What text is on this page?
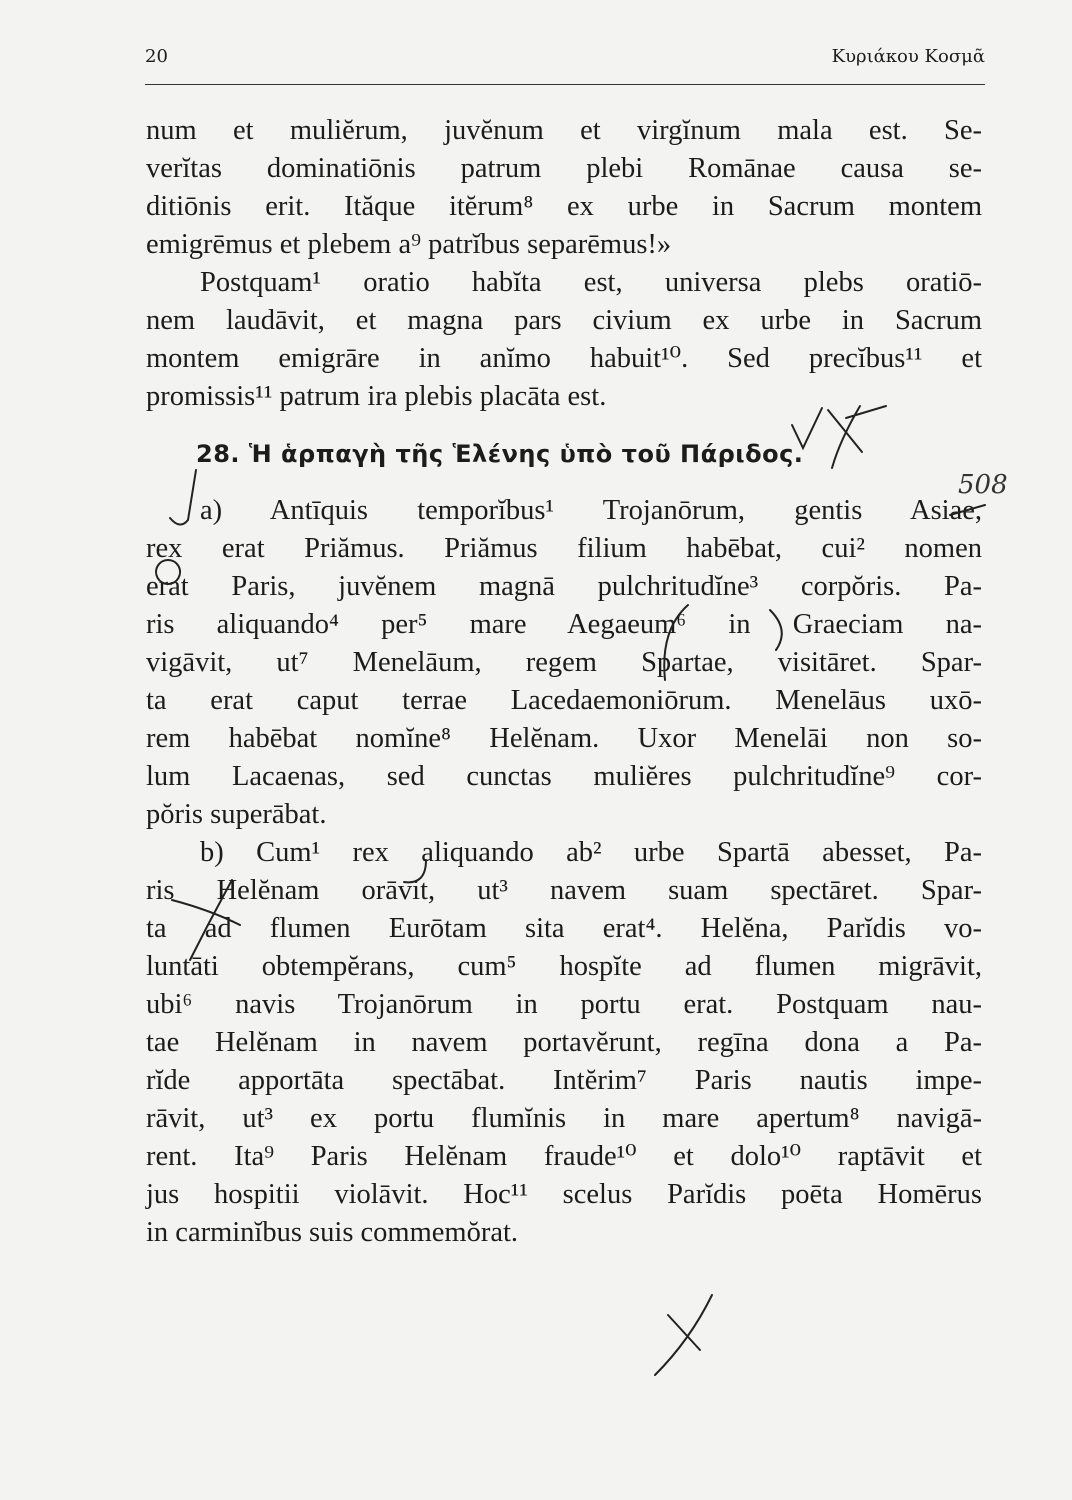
20	Κυριάκου Κοσμᾶ
num et muliĕrum, juvĕnum et virgĭnum mala est. Se-
verĭtas dominatiōnis patrum plebi Romānae causa se-
ditiōnis erit. Ităque itĕrum⁸ ex urbe in Sacrum montem
emigrēmus et plebem a⁹ patrĭbus separēmus!»
Postquam¹ oratio habĭta est, universa plebs oratiō-
nem laudāvit, et magna pars civium ex urbe in Sacrum
montem emigrāre in anĭmo habuit¹⁰. Sed precĭbus¹¹ et
promissis¹¹ patrum ira plebis placāta est.
28. Ἡ ἁρπαγὴ τῆς Ἑλένης ὑπὸ τοῦ Πάριδος.
a) Antīquis temporĭbus¹ Trojanōrum, gentis Asiae,
rex erat Priămus. Priămus filium habēbat, cui² nomen
erat Paris, juvĕnem magnā pulchritudĭne³ corpŏris. Pa-
ris aliquando⁴ per⁵ mare Aegaeum⁶ in Graeciam na-
vigāvit, ut⁷ Menelāum, regem Spartae, visitāret. Spar-
ta erat caput terrae Lacedaemoniōrum. Menelāus uxō-
rem habēbat nomĭne⁸ Helĕnam. Uxor Menelāi non so-
lum Lacaenas, sed cunctas muliĕres pulchritudĭne⁹ cor-
pŏris superābat.
b) Cum¹ rex aliquando ab² urbe Spartā abesset, Pa-
ris Helĕnam orāvit, ut³ navem suam spectāret. Spar-
ta ad flumen Eurōtam sita erat⁴. Helĕna, Parĭdis vo-
luntāti obtempĕrans, cum⁵ hospĭte ad flumen migrāvit,
ubi⁶ navis Trojanōrum in portu erat. Postquam nau-
tae Helĕnam in navem portavĕrunt, regīna dona a Pa-
rĭde apportāta spectābat. Intĕrim⁷ Paris nautis impe-
rāvit, ut³ ex portu flumĭnis in mare apertum⁸ navigā-
rent. Ita⁹ Paris Helĕnam fraude¹⁰ et dolo¹⁰ raptāvit et
jus hospitii violāvit. Hoc¹¹ scelus Parĭdis poēta Homērus
in carminĭbus suis commemŏrat.
508
